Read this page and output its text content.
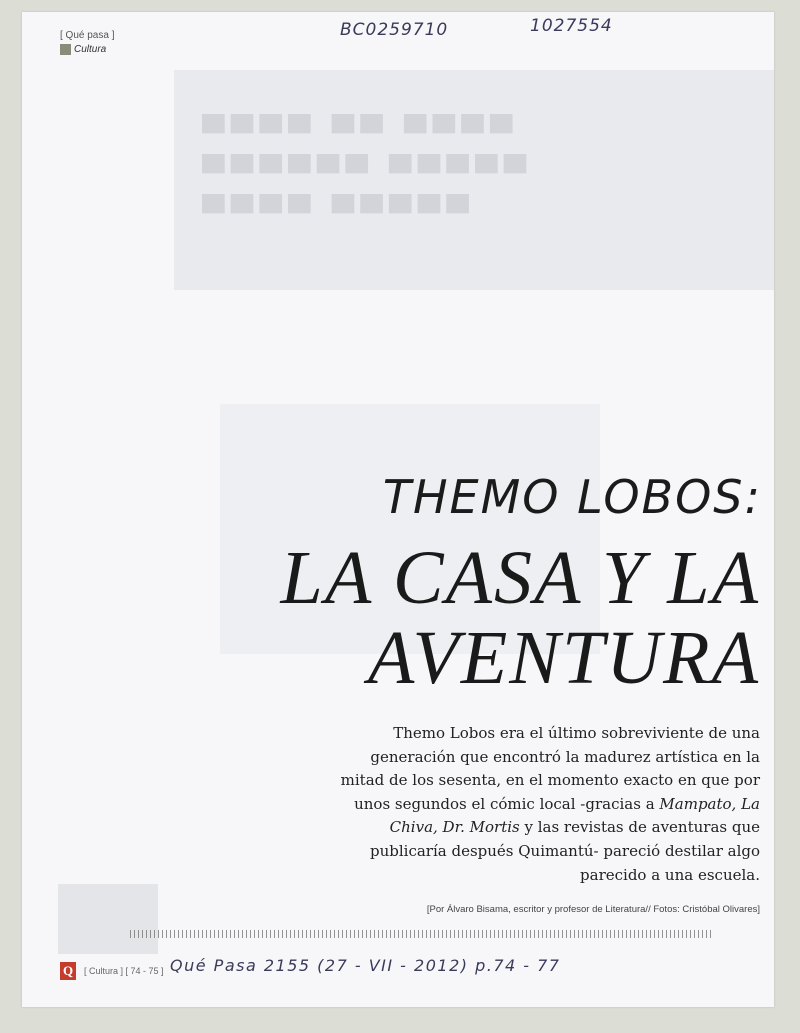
▀▀▀▀ ▀▀ ▀▀▀▀
▀▀▀▀▀▀ ▀▀▀▀▀
▀▀▀▀ ▀▀▀▀▀
[ Qué pasa ]
Cultura
BC0259710	1027554
THEMO LOBOS:
LA CASA Y LA
AVENTURA
Themo Lobos era el último sobreviviente de una generación que encontró la madurez artística en la mitad de los sesenta, en el momento exacto en que por unos segundos el cómic local -gracias a Mampato, La Chiva, Dr. Mortis y las revistas de aventuras que publicaría después Quimantú- pareció destilar algo parecido a una escuela.
[Por Álvaro Bisama, escritor y profesor de Literatura// Fotos: Cristóbal Olivares]
Q	[ Cultura ] [ 74 - 75 ] Qué Pasa 2155 (27 - VII - 2012) p.74 - 77
